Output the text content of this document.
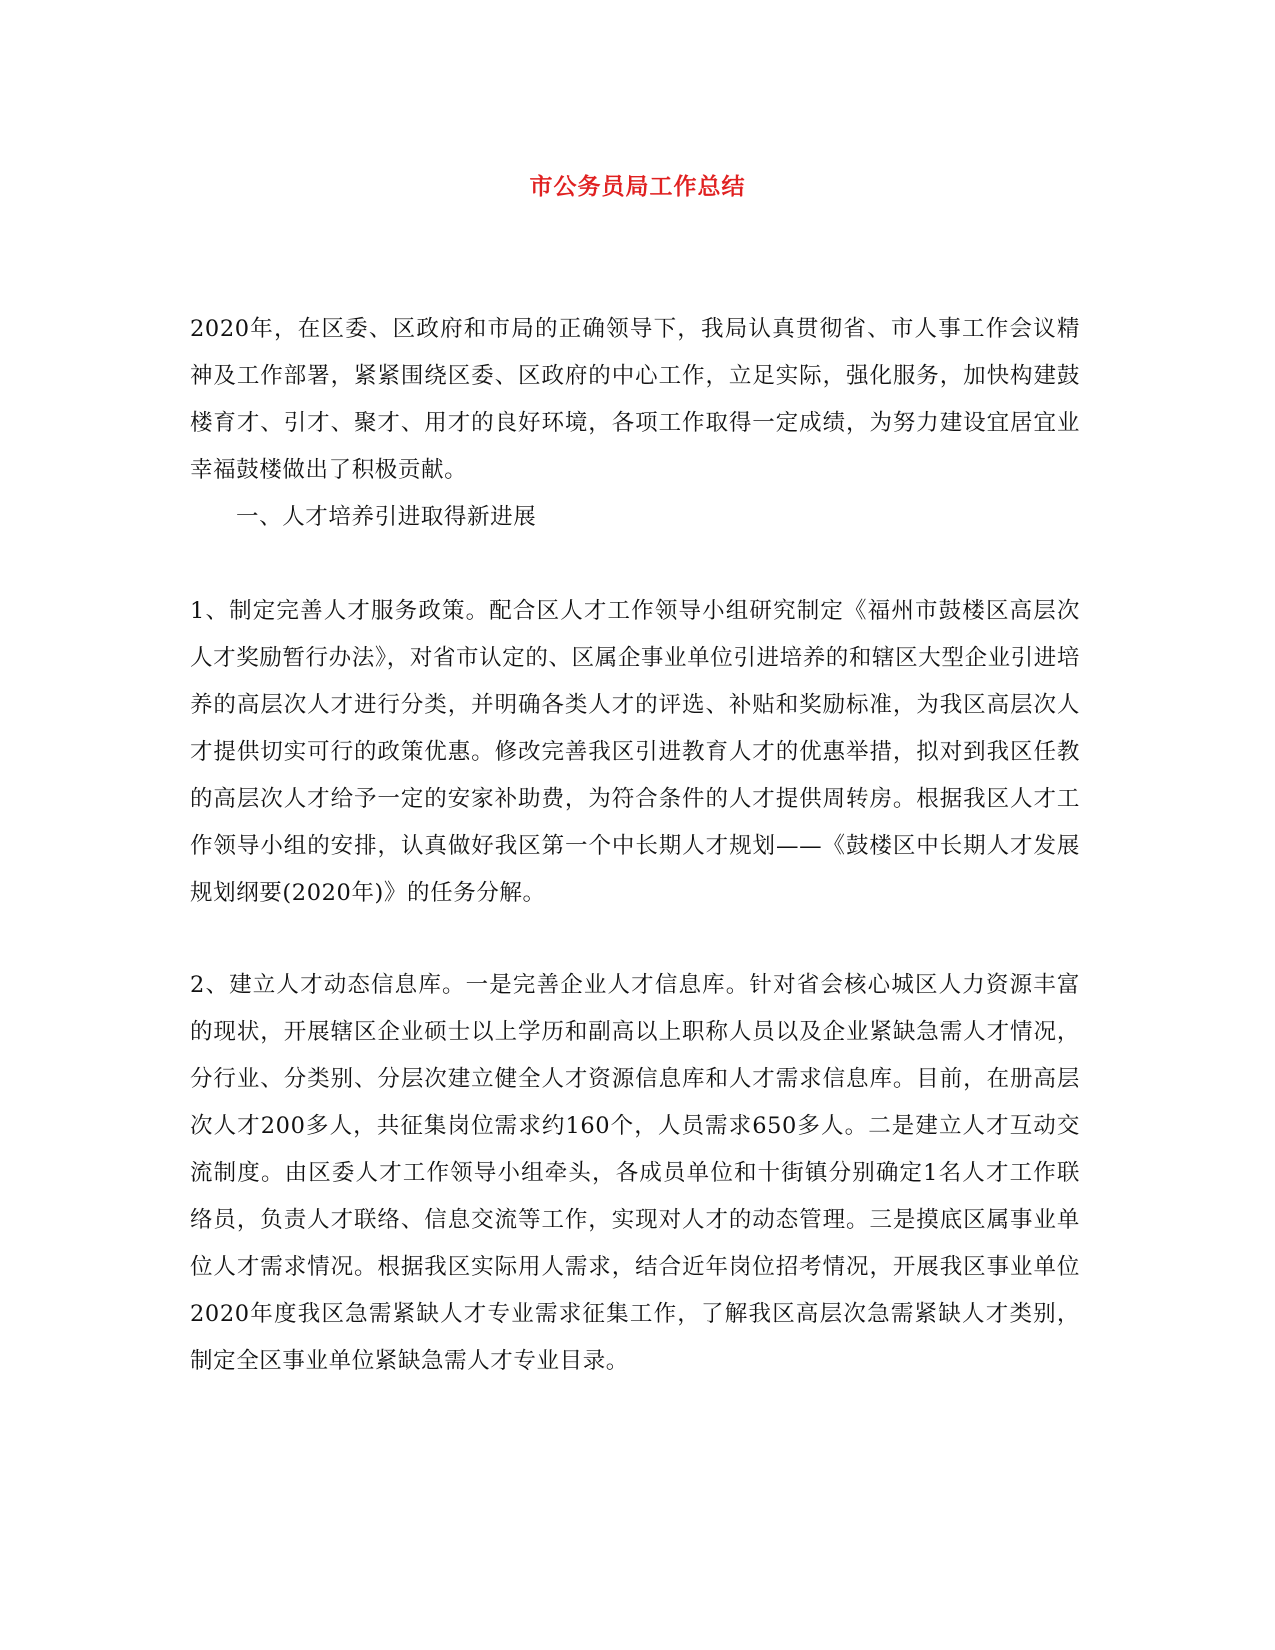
市公务员局工作总结
2020年，在区委、区政府和市局的正确领导下，我局认真贯彻省、市人事工作会议精神及工作部署，紧紧围绕区委、区政府的中心工作，立足实际，强化服务，加快构建鼓楼育才、引才、聚才、用才的良好环境，各项工作取得一定成绩，为努力建设宜居宜业幸福鼓楼做出了积极贡献。
一、人才培养引进取得新进展
1、制定完善人才服务政策。配合区人才工作领导小组研究制定《福州市鼓楼区高层次人才奖励暂行办法》，对省市认定的、区属企事业单位引进培养的和辖区大型企业引进培养的高层次人才进行分类，并明确各类人才的评选、补贴和奖励标准，为我区高层次人才提供切实可行的政策优惠。修改完善我区引进教育人才的优惠举措，拟对到我区任教的高层次人才给予一定的安家补助费，为符合条件的人才提供周转房。根据我区人才工作领导小组的安排，认真做好我区第一个中长期人才规划——《鼓楼区中长期人才发展规划纲要(2020年)》的任务分解。
2、建立人才动态信息库。一是完善企业人才信息库。针对省会核心城区人力资源丰富的现状，开展辖区企业硕士以上学历和副高以上职称人员以及企业紧缺急需人才情况，分行业、分类别、分层次建立健全人才资源信息库和人才需求信息库。目前，在册高层次人才200多人，共征集岗位需求约160个，人员需求650多人。二是建立人才互动交流制度。由区委人才工作领导小组牵头，各成员单位和十街镇分别确定1名人才工作联络员，负责人才联络、信息交流等工作，实现对人才的动态管理。三是摸底区属事业单位人才需求情况。根据我区实际用人需求，结合近年岗位招考情况，开展我区事业单位2020年度我区急需紧缺人才专业需求征集工作，了解我区高层次急需紧缺人才类别，制定全区事业单位紧缺急需人才专业目录。
